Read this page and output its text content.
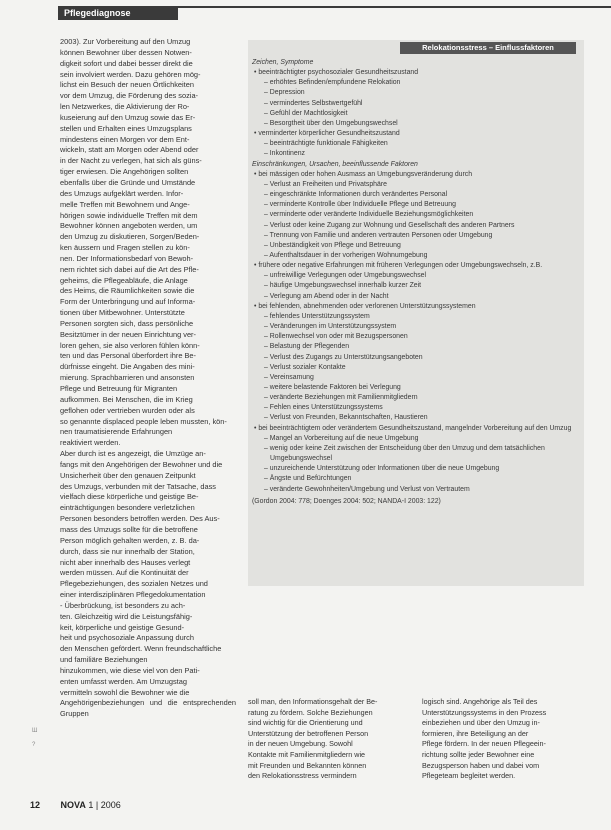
Pflegediagnose

2003). Zur Vorbereitung auf den Umzug

können Bewohner über dessen Notwen-

digkeit sofort und dabei besser direkt die

sein involviert werden. Dazu gehören mög-

lichst ein Besuch der neuen Örtlichkeiten

vor dem Umzug, die Förderung des sozia-

len Netzwerkes, die Aktivierung der Ro-

kuseierung auf den Umzug sowie das Er-

stellen und Erhalten eines Umzugsplans

mindestens einen Morgen vor dem Ent-

wickeln, statt am Morgen oder Abend oder

in der Nacht zu verlegen, hat sich als güns-

tiger erwiesen. Die Angehörigen sollten

ebenfalls über die Gründe und Umstände

des Umzugs aufgeklärt werden. Infor-

melle Treffen mit Bewohnern und Ange-

hörigen sowie individuelle Treffen mit dem

Bewohner können angeboten werden, um

den Umzug zu diskutieren, Sorgen/Beden-

ken äussern und Fragen stellen zu kön-

nen. Der Informationsbedarf von Bewoh-

nern richtet sich dabei auf die Art des Pfle-

geheims, die Pflegeabläufe, die Anlage

des Heims, die Räumlichkeiten sowie die

Form der Unterbringung und auf Informa-

tionen über Mitbewohner. Unterstützte

Personen sorgten sich, dass persönliche

Besitztümer in der neuen Einrichtung ver-

loren gehen, sie also verloren fühlen könn-

ten und das Personal überfordert ihre Be-

dürfnisse eingeht. Die Angaben des mini-

mierung. Sprachbarrieren und ansonsten

Pflege und Betreuung für Migranten

aufkommen. Bei Menschen, die im Krieg

geflohen oder vertrieben wurden oder als

so genannte displaced people leben mussten, kön-

nen traumatisierende Erfahrungen

reaktiviert werden.

Aber durch ist es angezeigt, die Umzüge an-

fangs mit den Angehörigen der Bewohner und die

Unsicherheit über den genauen Zeitpunkt

des Umzugs, verbunden mit der Tatsache, dass

vielfach diese körperliche und geistige Be-

einträchtigungen besondere verletzlichen

Personen besonders betroffen werden. Des Aus-

mass des Umzugs sollte für die betroffene

Person möglich gehalten werden, z. B. da-

durch, dass sie nur innerhalb der Station,

nicht aber innerhalb des Hauses verlegt

werden müssen. Auf die Kontinuität der

Pflegebeziehungen, des sozialen Netzes und

einer interdisziplinären Pflegedokumentation

- Überbrückung, ist besonders zu ach-

ten. Gleichzeitig wird die Leistungsfähig-

keit, körperliche und geistige Gesund-

heit und psychosoziale Anpassung durch

den Menschen gefördert. Wenn freundschaftliche

und familiäre Beziehungen

hinzukommen, wie diese viel von den Pati-

enten umfasst werden. Am Umzugstag

vermitteln sowohl die Bewohner wie die

Angehörigenbeziehungen und die entsprechenden Gruppen

Relokationsstress – Einflussfaktoren
Zeichen, Symptome
• beeinträchtigter psychosozialer Gesundheitszustand
– erhöhtes Befinden/empfundene Relokation
– Depression
– vermindertes Selbstwertgefühl
– Gefühl der Machtlosigkeit
– Besorgtheit über den Umgebungswechsel
• verminderter körperlicher Gesundheitszustand
– beeinträchtigte funktionale Fähigkeiten
– Inkontinenz
Einschränkungen, Ursachen, beeinflussende Faktoren
• bei mässigen oder hohen Ausmass an Umgebungsveränderung durch
– Verlust an Freiheiten und Privatsphäre
– eingeschränkte Informationen durch verändertes Personal
– verminderte Kontrolle über Individuelle Pflege und Betreuung
– verminderte oder veränderte Individuelle Beziehungsmöglichkeiten
– Verlust oder keine Zugang zur Wohnung und Gesellschaft des anderen Partners
– Trennung von Familie und anderen vertrauten Personen oder Umgebung
– Unbeständigkeit von Pflege und Betreuung
– Aufenthaltsdauer in der vorherigen Wohnumgebung
• frühere oder negative Erfahrungen mit früheren Verlegungen oder Umgebungswechseln, z.B.
– unfreiwillige Verlegungen oder Umgebungswechsel
– häufige Umgebungswechsel innerhalb kurzer Zeit
– Verlegung am Abend oder in der Nacht
• bei fehlenden, abnehmenden oder verlorenen Unterstützungssystemen
– fehlendes Unterstützungssystem
– Veränderungen im Unterstützungssystem
– Rollenwechsel von oder mit Bezugspersonen
– Belastung der Pflegenden
– Verlust des Zugangs zu Unterstützungsangeboten
– Verlust sozialer Kontakte
– Vereinsamung
– weitere belastende Faktoren bei Verlegung
– veränderte Beziehungen mit Familienmitgliedern
– Fehlen eines Unterstützungssystems
– Verlust von Freunden, Bekanntschaften, Haustieren
• bei beeinträchtigtem oder verändertem Gesundheitszustand, mangelnder Vorbereitung auf den Umzug
– Mangel an Vorbereitung auf die neue Umgebung
– wenig oder keine Zeit zwischen der Entscheidung über den Umzug und dem tatsächlichen Umgebungswechsel
– unzureichende Unterstützung oder Informationen über die neue Umgebung
– Ängste und Befürchtungen
– veränderte Gewohnheiten/Umgebung und Verlust von Vertrautem
(Gordon 2004: 778; Doenges 2004: 502; NANDA-I 2003: 122)

soll man, den Informationsgehalt der Be-

ratung zu fördern. Solche Beziehungen

sind wichtig für die Orientierung und

Unterstützung der betroffenen Person

in der neuen Umgebung. Sowohl

Kontakte mit Familienmitgliedern wie

mit Freunden und Bekannten können

den Relokationsstress vermindern

logisch sind. Angehörige als Teil des

Unterstützungssystems in den Prozess

einbeziehen und über den Umzug in-

formieren, ihre Beteiligung an der

Pflege fördern. In der neuen Pflegeein-

richtung sollte jeder Bewohner eine

Bezugsperson haben und dabei vom

Pflegeteam begleitet werden.

Ш
?
12 NOVA 1 | 2006
